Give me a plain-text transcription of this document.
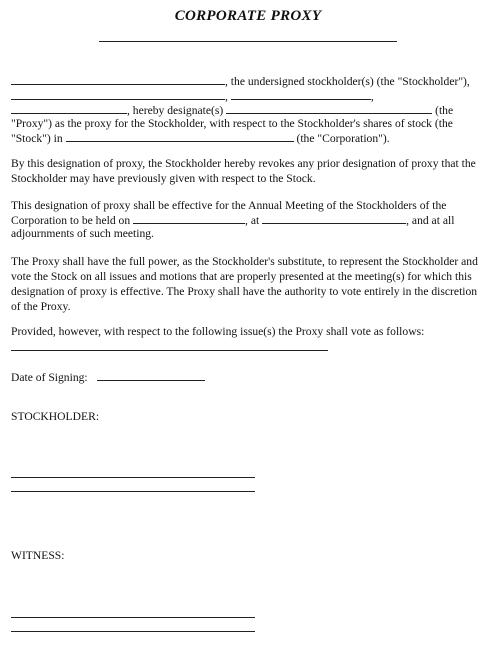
CORPORATE PROXY
, the undersigned stockholder(s) (the "Stockholder"),
,	,
, hereby designate(s)	(the
"Proxy") as the proxy for the Stockholder, with respect to the Stockholder's shares of stock (the
"Stock") in	(the "Corporation").
By this designation of proxy, the Stockholder hereby revokes any prior designation of proxy that the Stockholder may have previously given with respect to the Stock.
This designation of proxy shall be effective for the Annual Meeting of the Stockholders of the
Corporation to be held on	, at	, and at all
adjournments of such meeting.
The Proxy shall have the full power, as the Stockholder's substitute, to represent the Stockholder and vote the Stock on all issues and motions that are properly presented at the meeting(s) for which this designation of proxy is effective. The Proxy shall have the authority to vote entirely in the discretion of the Proxy.
Provided, however, with respect to the following issue(s) the Proxy shall vote as follows:
Date of Signing:
STOCKHOLDER:
WITNESS:
